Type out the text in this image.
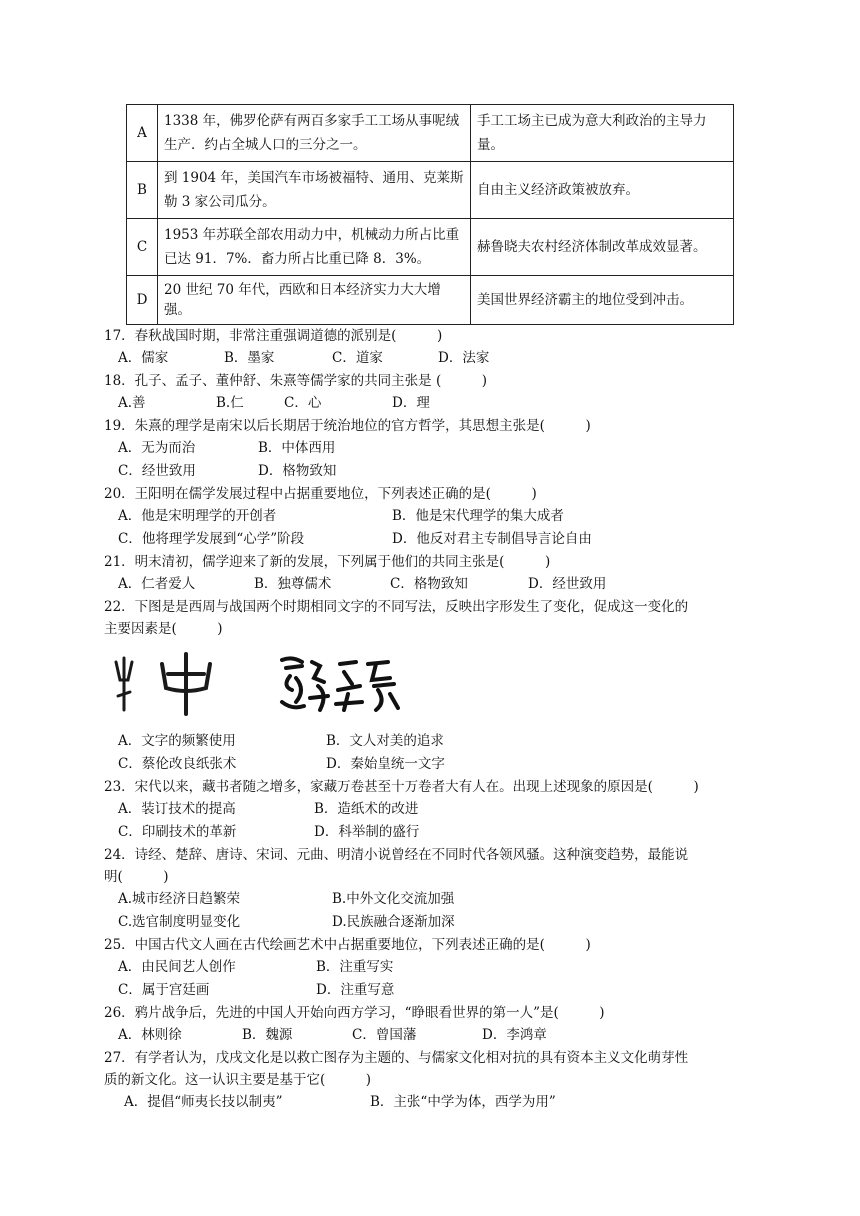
A	1338 年，佛罗伦萨有两百多家手工工场从事呢绒生产．约占全城人口的三分之一。	手工工场主已成为意大利政治的主导力量。
B	到 1904 年，美国汽车市场被福特、通用、克莱斯勒 3 家公司瓜分。	自由主义经济政策被放弃。
C	1953 年苏联全部农用动力中，机械动力所占比重已达 91．7%．畜力所占比重已降 8．3%。	赫鲁晓夫农村经济体制改革成效显著。
D	20 世纪 70 年代，西欧和日本经济实力大大增强。	美国世界经济霸主的地位受到冲击。
17．春秋战国时期，非常注重强调道德的派别是(　　　)
A．儒家	B．墨家	C．道家	D．法家
18．孔子、孟子、董仲舒、朱熹等儒学家的共同主张是 (　　　)
A.善	B.仁	C．心	D．理
19．朱熹的理学是南宋以后长期居于统治地位的官方哲学，其思想主张是(　　　)
A．无为而治	B．中体西用
C．经世致用	D．格物致知
20．王阳明在儒学发展过程中占据重要地位，下列表述正确的是(　　　)
A．他是宋明理学的开创者	B．他是宋代理学的集大成者
C．他将理学发展到“心学”阶段	D．他反对君主专制倡导言论自由
21．明末清初，儒学迎来了新的发展，下列属于他们的共同主张是(　　　)
A．仁者爱人	B．独尊儒术	C．格物致知	D．经世致用
22．下图是是西周与战国两个时期相同文字的不同写法，反映出字形发生了变化，促成这一变化的
主要因素是(　　　)
A．文字的频繁使用	B．文人对美的追求
C．蔡伦改良纸张术	D．秦始皇统一文字
23．宋代以来，藏书者随之增多，家藏万卷甚至十万卷者大有人在。出现上述现象的原因是(　　　)
A．装订技术的提高	B．造纸术的改进
C．印刷技术的革新	D．科举制的盛行
24．诗经、楚辞、唐诗、宋词、元曲、明清小说曾经在不同时代各领风骚。这种演变趋势，最能说
明(　　　)
A.城市经济日趋繁荣	B.中外文化交流加强
C.选官制度明显变化	D.民族融合逐渐加深
25．中国古代文人画在古代绘画艺术中占据重要地位，下列表述正确的是(　　　)
A．由民间艺人创作	B．注重写实
C．属于宫廷画	D．注重写意
26．鸦片战争后，先进的中国人开始向西方学习，“睁眼看世界的第一人”是(　　　)
A．林则徐	B．魏源	C．曾国藩	D．李鸿章
27．有学者认为，戊戌文化是以救亡图存为主题的、与儒家文化相对抗的具有资本主义文化萌芽性
质的新文化。这一认识主要是基于它(　　　)
A．提倡“师夷长技以制夷”	B．主张“中学为体，西学为用”
